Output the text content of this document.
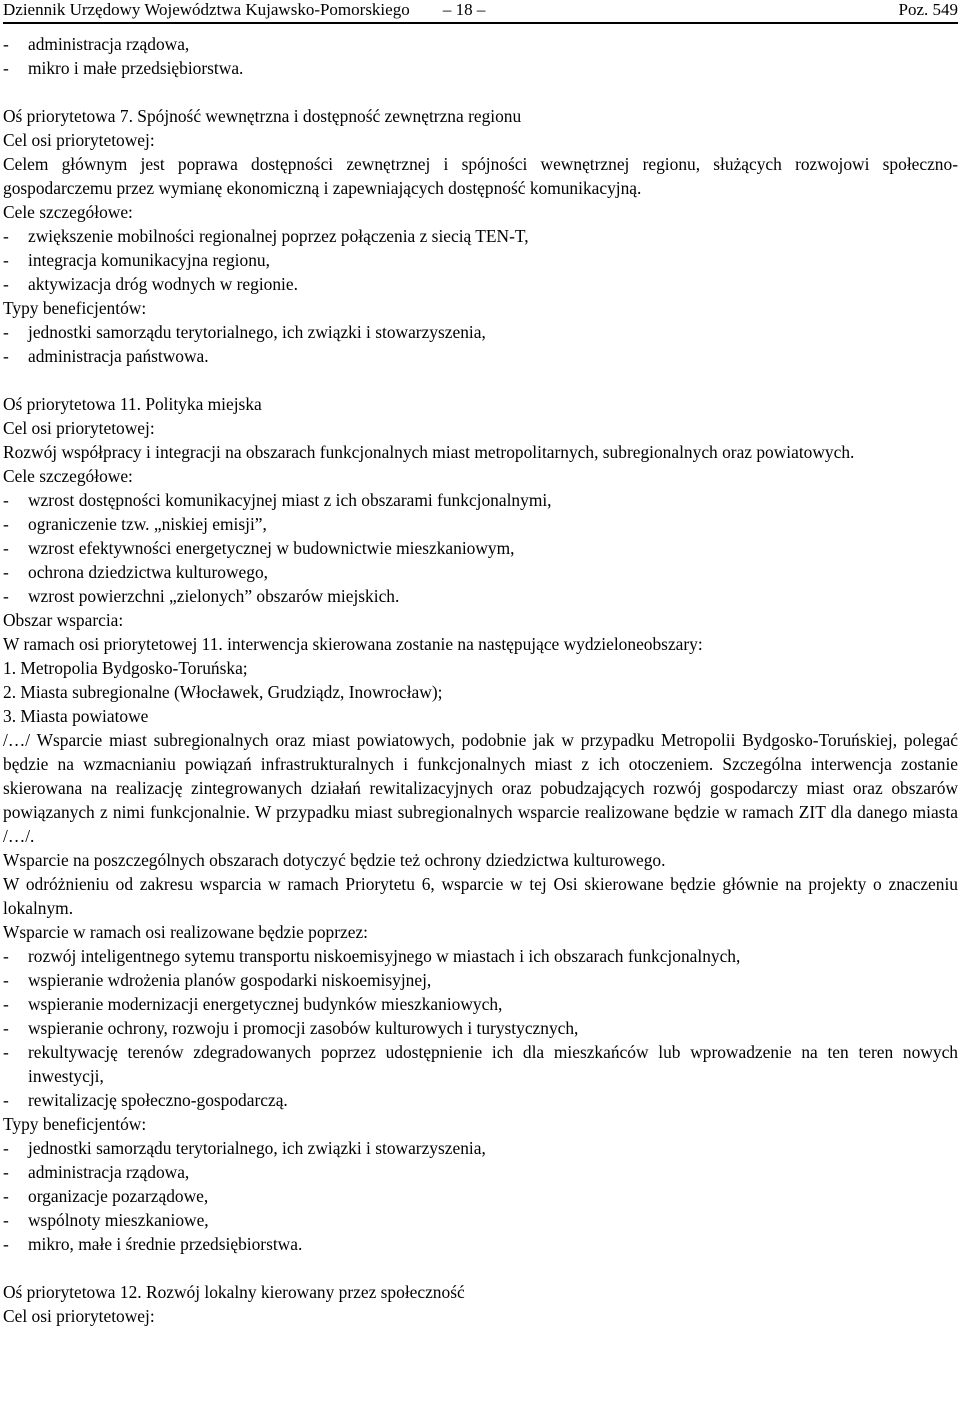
Dziennik Urzędowy Województwa Kujawsko-Pomorskiego	– 18 –	Poz. 549
- administracja rządowa,
- mikro i małe przedsiębiorstwa.
Oś priorytetowa 7. Spójność wewnętrzna i dostępność zewnętrzna regionu
Cel osi priorytetowej:
Celem głównym jest poprawa dostępności zewnętrznej i spójności wewnętrznej regionu, służących rozwojowi społeczno-gospodarczemu przez wymianę ekonomiczną i zapewniających dostępność komunikacyjną.
Cele szczegółowe:
- zwiększenie mobilności regionalnej poprzez połączenia z siecią TEN-T,
- integracja komunikacyjna regionu,
- aktywizacja dróg wodnych w regionie.
Typy beneficjentów:
- jednostki samorządu terytorialnego, ich związki i stowarzyszenia,
- administracja państwowa.
Oś priorytetowa 11. Polityka miejska
Cel osi priorytetowej:
Rozwój współpracy i integracji na obszarach funkcjonalnych miast metropolitarnych, subregionalnych oraz powiatowych.
Cele szczegółowe:
- wzrost dostępności komunikacyjnej miast z ich obszarami funkcjonalnymi,
- ograniczenie tzw. „niskiej emisji”,
- wzrost efektywności energetycznej w budownictwie mieszkaniowym,
- ochrona dziedzictwa kulturowego,
- wzrost powierzchni „zielonych” obszarów miejskich.
Obszar wsparcia:
W ramach osi priorytetowej 11. interwencja skierowana zostanie na następujące wydzieloneobszary:
1. Metropolia Bydgosko-Toruńska;
2. Miasta subregionalne (Włocławek, Grudziądz, Inowrocław);
3. Miasta powiatowe
/…/ Wsparcie miast subregionalnych oraz miast powiatowych, podobnie jak w przypadku Metropolii Bydgosko-Toruńskiej, polegać będzie na wzmacnianiu powiązań infrastrukturalnych i funkcjonalnych miast z ich otoczeniem. Szczególna interwencja zostanie skierowana na realizację zintegrowanych działań rewitalizacyjnych oraz pobudzających rozwój gospodarczy miast oraz obszarów powiązanych z nimi funkcjonalnie. W przypadku miast subregionalnych wsparcie realizowane będzie w ramach ZIT dla danego miasta /…/.
Wsparcie na poszczególnych obszarach dotyczyć będzie też ochrony dziedzictwa kulturowego.
W odróżnieniu od zakresu wsparcia w ramach Priorytetu 6, wsparcie w tej Osi skierowane będzie głównie na projekty o znaczeniu lokalnym.
Wsparcie w ramach osi realizowane będzie poprzez:
- rozwój inteligentnego sytemu transportu niskoemisyjnego w miastach i ich obszarach funkcjonalnych,
- wspieranie wdrożenia planów gospodarki niskoemisyjnej,
- wspieranie modernizacji energetycznej budynków mieszkaniowych,
- wspieranie ochrony, rozwoju i promocji zasobów kulturowych i turystycznych,
-	rekultywację terenów zdegradowanych poprzez udostępnienie ich dla mieszkańców lub wprowadzenie na ten teren nowych inwestycji,
- rewitalizację społeczno-gospodarczą.
Typy beneficjentów:
- jednostki samorządu terytorialnego, ich związki i stowarzyszenia,
- administracja rządowa,
- organizacje pozarządowe,
- wspólnoty mieszkaniowe,
- mikro, małe i średnie przedsiębiorstwa.
Oś priorytetowa 12. Rozwój lokalny kierowany przez społeczność
Cel osi priorytetowej:
